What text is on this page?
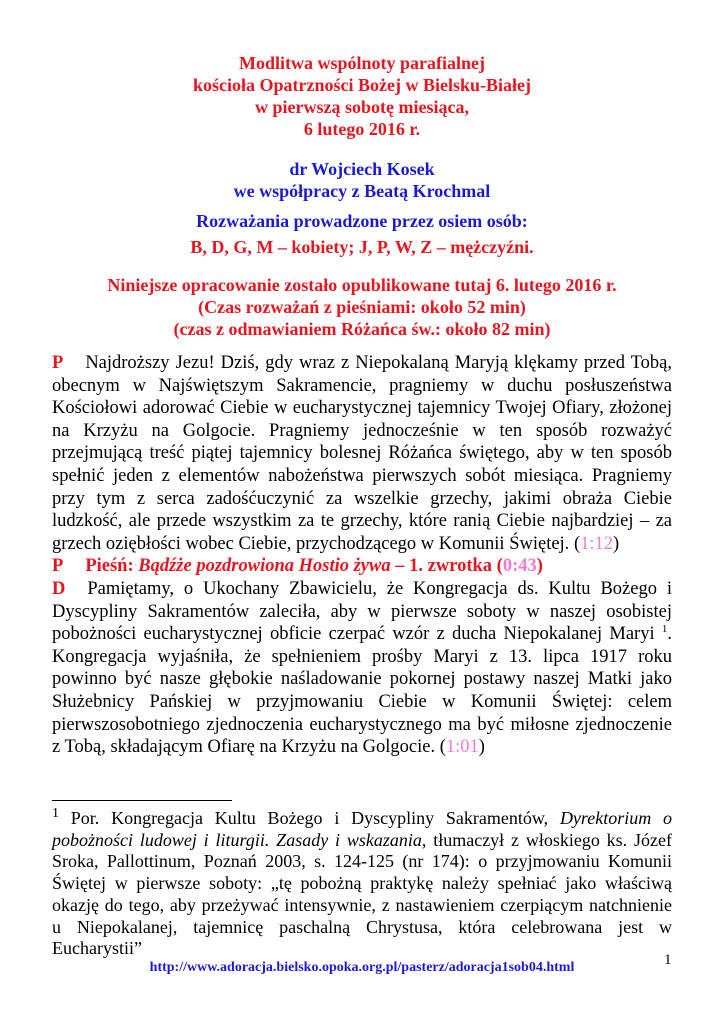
Modlitwa wspólnoty parafialnej
kościoła Opatrzności Bożej w Bielsku-Białej
w pierwszą sobotę miesiąca,
6 lutego 2016 r.
dr Wojciech Kosek
we współpracy z Beatą Krochmal
Rozważania prowadzone przez osiem osób:
B, D, G, M – kobiety; J, P, W, Z – mężczyźni.
Niniejsze opracowanie zostało opublikowane tutaj 6. lutego 2016 r.
(Czas rozważań z pieśniami: około 52 min)
(czas z odmawianiem Różańca św.: około 82 min)

P Najdroższy Jezu! Dziś, gdy wraz z Niepokalaną Maryją klękamy przed Tobą, obecnym w Najświętszym Sakramencie, pragniemy w duchu posłuszeństwa Kościołowi adorować Ciebie w eucharystycznej tajemnicy Twojej Ofiary, złożonej na Krzyżu na Golgocie. Pragniemy jednocześnie w ten sposób rozważyć przejmującą treść piątej tajemnicy bolesnej Różańca świętego, aby w ten sposób spełnić jeden z elementów nabożeństwa pierwszych sobót miesiąca. Pragniemy przy tym z serca zadośćuczynić za wszelkie grzechy, jakimi obraża Ciebie ludzkość, ale przede wszystkim za te grzechy, które ranią Ciebie najbardziej – za grzech oziębłości wobec Ciebie, przychodzącego w Komunii Świętej. (1:12)

P Pieśń: Bądźże pozdrowiona Hostio żywa – 1. zwrotka (0:43)

D Pamiętamy, o Ukochany Zbawicielu, że Kongregacja ds. Kultu Bożego i Dyscypliny Sakramentów zaleciła, aby w pierwsze soboty w naszej osobistej pobożności eucharystycznej obficie czerpać wzór z ducha Niepokalanej Maryi $^1$. Kongregacja wyjaśniła, że spełnieniem prośby Maryi z 13. lipca 1917 roku powinno być nasze głębokie naśladowanie pokornej postawy naszej Matki jako Służebnicy Pańskiej w przyjmowaniu Ciebie w Komunii Świętej: celem pierwszosobotniego zjednoczenia eucharystycznego ma być miłosne zjednoczenie z Tobą, składającym Ofiarę na Krzyżu na Golgocie. (1:01)

$^1$ Por. Kongregacja Kultu Bożego i Dyscypliny Sakramentów, Dyrektorium o pobożności ludowej i liturgii. Zasady i wskazania, tłumaczył z włoskiego ks. Józef Sroka, Pallottinum, Poznań 2003, s. 124-125 (nr 174): o przyjmowaniu Komunii Świętej w pierwsze soboty: „tę pobożną praktykę należy spełniać jako właściwą okazję do tego, aby przeżywać intensywnie, z nastawieniem czerpiącym natchnienie u Niepokalanej, tajemnicę paschalną Chrystusa, która celebrowana jest w Eucharystii”
http://www.adoracja.bielsko.opoka.org.pl/pasterz/adoracja1sob04.html	1
